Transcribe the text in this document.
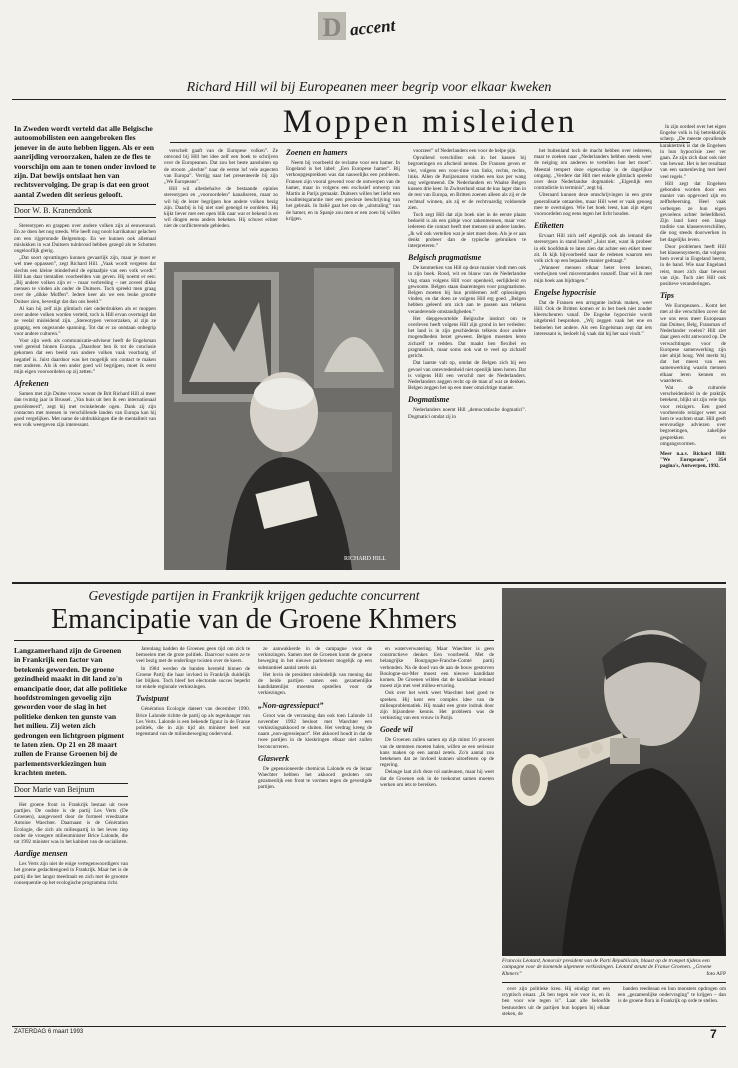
D accent
Richard Hill wil bij Europeanen meer begrip voor elkaar kweken
Moppen misleiden
In Zweden wordt verteld dat alle Belgische autoomobilisten een aangebroken fles jenever in de auto hebben liggen. Als er een aanrijding veroorzaken, halen ze de fles te voorschijn om aan te tonen onder invloed te zijn. Dat bewijs ontslaat hen van rechtsvervolging. De grap is dat een groot aantal Zweden dit serieus gelooft.
Door W. B. Kranendonk

Stereotypen en grappen over andere volken zijn al eeuwenoud. En ze doen het nog steeds. Wie heeft nog nooit karrikatuur gelachen om een rijgeronnde Belgenmop. En we kunnen ook allemaal mislukken in wat Duitsers tuinbrood hebben gezegd als te Schotten ongelooflijk gierig.

„Dat soort opvattingen kunnen gevaarlijk zijn, maar je moet er wel mee oppassen”, zegt Richard Hill. „Vaak wordt vergeten dat slechts een kleine minderheid de epitaafpie van een volk wordt.” Hill kan daar tientallen voorbeelden van geven. Hij noemt er een: „Bij andere volken zijn er – maar verbreding – net zoveel dikke mensen te vinden als onder de Duitsers. Toch spreekt men graag over de „dikke Moffen”. Iedere keer als we een leuke grootte Duitser zien, bevestigt dat dan ons beeld.”

Al kan hij zelf zijn glimlach niet onderdrukken als er moppen over andere volken worden verteld, toch is Hill ervan overtuigd dat ze veelal misleidend zijn. „Stereotypen veroorzaken, al zijn ze grappig, een ongezonde spanning. Tot dat er zo ontstaan onbegrip voor andere culturen.”

Voor zijn werk als communicatie-adviseur heeft de Engelsman veel gereisd binnen Europa. „Daardoor ben ik tot de conclusie gekomen dat een beeld van andere volken vaak voorbarig of negatief is. Juist daardoor was het mogelijk om contact te maken met anderen. Als ik een ander goed wil begrijpen, moet ik eerst mijn eigen vooroordelen op zij zetten.”

Afrekenen

Samen met zijn Duitse vrouw woont de Brit Richard Hill al meer dan twintig jaar in Brussel. „Van huis uit ben ik een internationaal georiënteerd”, zegt hij met twinkelende ogen. Dank zij zijn contacten met mensen in verschillende landen van Europa kan hij goed vergelijken. Met name de uitdrukkingen die de mentaliteit van een volk weergeven zijn interessant.

verschelt gaaft van de Europese volken”. Ze omvond bij Hill het idee zelf een boek te schrijven over de Europeanen. Dat zou het beste aansluiten op de stroom „slechte” naar de eerste lof vele aspecten van Europa”. Verrijg naar het presenteerde bij zijn „We Europeans”.

Hill wil allesbehalve de bestaande opinies stereotypen en „vooroordelen” kanaliseren, maar zo wil hij de lezer begrijpen hoe andere volken bezig zijn. Daarbij is hij niet snel geneigd te oordelen. Hij kijkt liever met een open blik naar wat er bekend is en wil dingen eens anders bekeken. Hij schuwt echter niet de conflicterende gebieden.

Zoenen en hamers

Neem bij voorbeeld de reclame voor een hamer. In Engeland is het label: „Een Europese hamer”. Bij verkoopgesprekken was dat nauwelijks een probleem. Fransen zijn vooral gewend voor de ontwerpen van de hamer, maar in volgens een exclusief ontwerp van Martin in Parijs gemaakt. Duitsers willen het liefst een kwaliteitsgarantie met een precieze beschrijving van het gebruik. In Italië gaat het om de „uitstraling” van de hamer, en in Spanje zou men er een zoen bij willen krijgen.

RICHARD HILL

voorzeer” of Nederlanders een voor de helpe pijn.

Opvallend verschillen ook in het kassen bij begroetingen en afscheid nemen. De Fransen geven er vier, volgens een voor-time van links, rechts, rechts, links. Allen de Parijzenaren vinden een kus per wang nog welgemeend. De Nederlanders en Waalse Belgen kussen drie keer. In Zwitserland staat de kus lager dan in de rest van Europa, en Britten zoenen alleen als zij er de rechtsaf winnen, als zij er de rechtvaardig voldoende zien.

Toch zegt Hill dat zijn boek niet in de eerste plaats bedoeld is als een gidsje voor zakenmensen, maar voor iedereen die contact heeft met mensen uit andere landen. „Ik wil ook vertellen wat je niet moet doen. Als je er aan denkt probeer dan de typische gebruiken te interpreteren.”

Belgisch pragmatisme

De kenmerken van Hill op deze manier vindt men ook in zijn boek. Rood, wit en blauw van de Nederlandse vlag staan volgens Hill voor openheid, eerlijkheid en gewoonte. Belgen staan daarentegen voor pragmatisme. Belgen moeten bij hun problemen zelf oplossingen vinden, en dat doen ze volgens Hill erg goed. „Belgen hebben geleerd om zich aan te passen aan telkens veranderende omstandigheden.”

Het diepgewortelde Belgische instinct om te overleven heeft volgens Hill zijn grond in het verleden: het land is in zijn geschiedenis telkens door andere mogendheden bezet geweest. Belgen moesten leren zichzelf te redden. Dat maakt hen flexibel en pragmatisch, maar soms ook wat te veel op zichzelf gericht.

Dat laatste valt op, omdat de Belgen zich bij een gevoel van ontevredenheid niet openlijk laten horen. Dat is volgens Hill een verschil met de Nederlanders. Nederlanders zeggen recht op de man af wat ze denken. Belgen zeggen het op een meer omzichtige manier.

Dogmatisme

Nederlanders noemt Hill „democratische dogmatici”. Dogmatici omdat zij in

het buitenland toch de macht hebben over iedereen, maar te zoeken naar „Nederlanders hebben steeds weer de neiging om anderen te vertellen hoe het moet”. Meestal tempert deze eigenschap in de dagelijkse omgang. „Verdere dat Hill met enkele glimlach spreekt over deze Nederlandse dogmatiek: „Eigenlijk een contradictie in terminis”, zegt hij.

Uiteraard kunnen deze omschrijvingen in een grote generalisatie ontaarden, maar Hill weet er vaak genoeg mee te overtuigen. Wie het boek leest, kan zijn eigen vooroordelen nog eens tegen het licht houden.

Etiketten

Ervaart Hill zich zelf eigenlijk ook als iemand die stereotypen in stand houdt? „Juist niet, want ik probeer in elk hoofdstuk te laten zien dat achter een etiket meer zit. Ik kijk bijvoorbeeld naar de redenen waarom een volk zich op een bepaalde manier gedraagt.”

„Wanneer mensen elkaar beter leren kennen, verdwijnen veel misverstanden vanzelf. Daar wil ik met mijn boek aan bijdragen.”

Engelse hypocrisie

Dat de Fransen een arrogante indruk maken, weet Hill. Ook de Britten komen er in het boek niet zonder kleerscheuren vanaf. De Engelse hypocrisie wordt uitgebreid besproken. „Wij zeggen vaak het ene en bedoelen het andere. Als een Engelsman zegt dat iets interessant is, bedoelt hij vaak dat hij het saai vindt.”

Gevestigde partijen in Frankrijk krijgen geduchte concurrent
Emancipatie van de Groene Khmers
Langzamerhand zijn de Groenen in Frankrijk een factor van betekenis geworden. De groene gezindheid maakt in dit land zo'n emancipatie door, dat alle politieke hoofdstromingen gevoelig zijn geworden voor de slag in het politieke denken ten gunste van het milieu. Zij weten zich gedrongen een lichtgroen pigment te laten zien. Op 21 en 28 maart zullen de Franse Groenen bij de parlementsverkiezingen hun krachten meten.
Door Marie van Beijnum

Het groene front in Frankrijk bestaat uit twee partijen. De oudste is de partij Les Verts (De Groenen), aangevoerd door de formeel vreedzame Antoine Waechter. Daarnaast is de Génération Ecologie, die zich als milieupartij in het leven riep onder de vroegere milieuminister Brice Lalonde, die tot 1992 minister was in het kabinet van de socialisten.

Aardige mensen

Les Verts zijn niet de enige vertegenwoordigers van het groene gedachtengoed in Frankrijk. Maar het is de partij die het langst meedraait en zich met de grootste consequentie op het ecologische programma richt.

Jarenlang hadden de Groenen geen tijd om zich te bemoeien met de grote politiek. Daarvoor waren ze te veel bezig met de onderlinge twisten over de koers.

In 1984 werden de banden hersteld binnen de Groene Partij die haar invloed in Frankrijk duidelijk liet blijken. Toch bleef het electorale succes beperkt tot enkele regionale verkiezingen.

Twistpunt

Génération Ecologie dateert van december 1990. Brice Lalonde richtte de partij op als tegenhanger van Les Verts. Lalonde is een bekende figuur in de Franse politiek, die in zijn tijd als minister heel wat tegenstand van de milieubeweging ondervond.

ze aanwakkerde in de campagne voor de verkiezingen. Samen met de Groenen komt de groene beweging in het nieuwe parlement mogelijk op een substantieel aantal zetels uit.

Het lovin de president uiteindelijk van mening dat de beide partijen samen een gezamenlijke kandidatenlijst moesten opstellen voor de verkiezingen.

„Non-agressiepact”

Groot was de verrassing dan ook toen Lalonde 14 november 1992 besloot met Waechter een verkiezingsakkoord te sluiten. Het verdrag kreeg de naam „non-agressiepact”. Het akkoord houdt in dat de twee partijen in de kieskringen elkaar niet zullen beconcurreren.

Glaswerk

De gepensioneerde chemicus Lalonde en de leraar Waechter hebben het akkoord gesloten om gezamenlijk een front te vormen tegen de gevestigde partijen.

en waterverwatering. Maar Waechter is geen constructieve denker. Een voorbeeld. Met de belangrijke Bourgogne-Franche-Comté partij verbonden. Na de dood van de aan de bouw gestorven Boulogne-sur-Mer moest een nieuwe kandidaat komen. De Groenen wilden dat de kandidaat iemand moest zijn met veel milieu-ervaring.

Ook over het werk weet Waechter heel goed te spreken. Hij kent een complex idee van de milieuproblematiek. Hij maakt een grote indruk door zijn bijzondere kennis. Het probleem was de verkiezing van een vrouw in Parijs.

Goede wil

De Groenen zullen samen op zijn minst 16 procent van de stemmen moeten halen, willen ze een serieuze kans maken op een aantal zetels. Zo'n aantal zou betekenen dat ze invloed kunnen uitoefenen op de regering.

Delauge laat zich deze rol aanleunen, maar hij weet dat de Groenen ook in de toekomst samen moeten werken om iets te bereiken.

Francois Léotard, honorair president van de Parti Républicain, blaast op de trompet tijdens een campagne voor de komende algemene verkiezingen. Léotard steunt de Franse Groenen. „Groene Khmers”	foto AFP

over zijn politieke kreu. Hij eindigt met een cryptisch eisaat. „Ik ben tegen wie voor is, en ik ben voor wie tegen is”. Laat alle beloofde bestuurders uit de partijen hun koppen bij elkaar steken, de

banden reedieaan en hun monsters opdrogen om een „gezamenlijke ondervraging” te krijgen – dan is de groene flora in Frankrijk op orde te stellen.

ZATERDAG 6 maart 1993	7

In zijn oordeel over het eigen Engelse volk is hij betrekkelijk scherp. „De meeste opvallende karaktertrek is dat de Engelsen in hun hypocrisie zeer ver gaan. Ze zijn zich daar ook niet van bewust. Het is het resultaat van een samenleving met heel veel regels.”

Hill zegt dat Engelsen gebonden worden door een manier van opgevoed zijn en zelfbeheersing. Heel vaak verbergen ze hun eigen gevoelens achter beleefdheid. Zijn land kent een lange traditie van klassenverschillen, die nog steeds doorwerken in het dagelijks leven.

Door problemen heeft Hill het klassensysteem, dat volgens hem overal in Engeland heerst, in de hand. Wie naar Engeland reist, moet zich daar bewust van zijn. Toch ziet Hill ook positieve veranderingen.

Tips

We Europeanen... Komt het met al die verschillen zover dat we ons eens meer Europeaan dan Duitser, Belg, Fransman of Nederlander voelen? Hill ziet daar geen echt antwoord op. De verwachtingen voor de Europese samenwerking zijn niet altijd hoog. Wel merkt hij dat het meest van een samenwerking waarin mensen elkaar leren kennen en waarderen.

Wat de culturele verscheidenheid in de praktijk betekent, blijkt uit zijn vele tips voor reizigers. Een goed voorbereide reiziger weet wat hem te wachten staat. Hill geeft eenvoudige adviezen over begroetingen, zakelijke gesprekken en omgangsvormen.

Meer n.a.v. Richard Hill: "We Europeans", 354 pagina's, Antwerpen, 1992.
